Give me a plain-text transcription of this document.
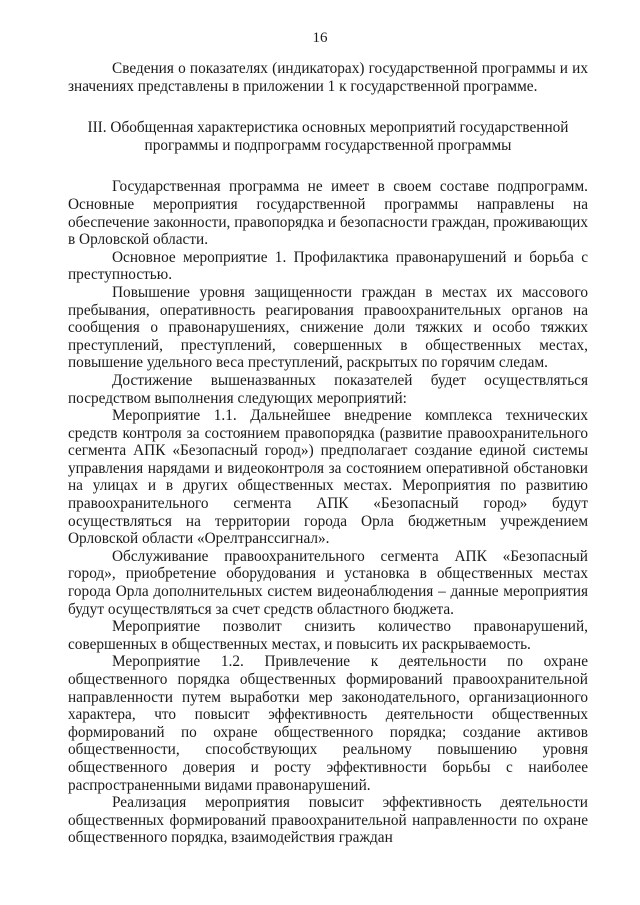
16

Сведения о показателях (индикаторах) государственной программы и их значениях представлены в приложении 1 к государственной программе.

III. Обобщенная характеристика основных мероприятий государственной программы и подпрограмм государственной программы

Государственная программа не имеет в своем составе подпрограмм. Основные мероприятия государственной программы направлены на обеспечение законности, правопорядка и безопасности граждан, проживающих в Орловской области.

Основное мероприятие 1. Профилактика правонарушений и борьба с преступностью.

Повышение уровня защищенности граждан в местах их массового пребывания, оперативность реагирования правоохранительных органов на сообщения о правонарушениях, снижение доли тяжких и особо тяжких преступлений, преступлений, совершенных в общественных местах, повышение удельного веса преступлений, раскрытых по горячим следам.

Достижение вышеназванных показателей будет осуществляться посредством выполнения следующих мероприятий:

Мероприятие 1.1. Дальнейшее внедрение комплекса технических средств контроля за состоянием правопорядка (развитие правоохранительного сегмента АПК «Безопасный город») предполагает создание единой системы управления нарядами и видеоконтроля за состоянием оперативной обстановки на улицах и в других общественных местах. Мероприятия по развитию правоохранительного сегмента АПК «Безопасный город» будут осуществляться на территории города Орла бюджетным учреждением Орловской области «Орелтранссигнал».

Обслуживание правоохранительного сегмента АПК «Безопасный город», приобретение оборудования и установка в общественных местах города Орла дополнительных систем видеонаблюдения – данные мероприятия будут осуществляться за счет средств областного бюджета.

Мероприятие позволит снизить количество правонарушений, совершенных в общественных местах, и повысить их раскрываемость.

Мероприятие 1.2. Привлечение к деятельности по охране общественного порядка общественных формирований правоохранительной направленности путем выработки мер законодательного, организационного характера, что повысит эффективность деятельности общественных формирований по охране общественного порядка; создание активов общественности, способствующих реальному повышению уровня общественного доверия и росту эффективности борьбы с наиболее распространенными видами правонарушений.

Реализация мероприятия повысит эффективность деятельности общественных формирований правоохранительной направленности по охране общественного порядка, взаимодействия граждан
